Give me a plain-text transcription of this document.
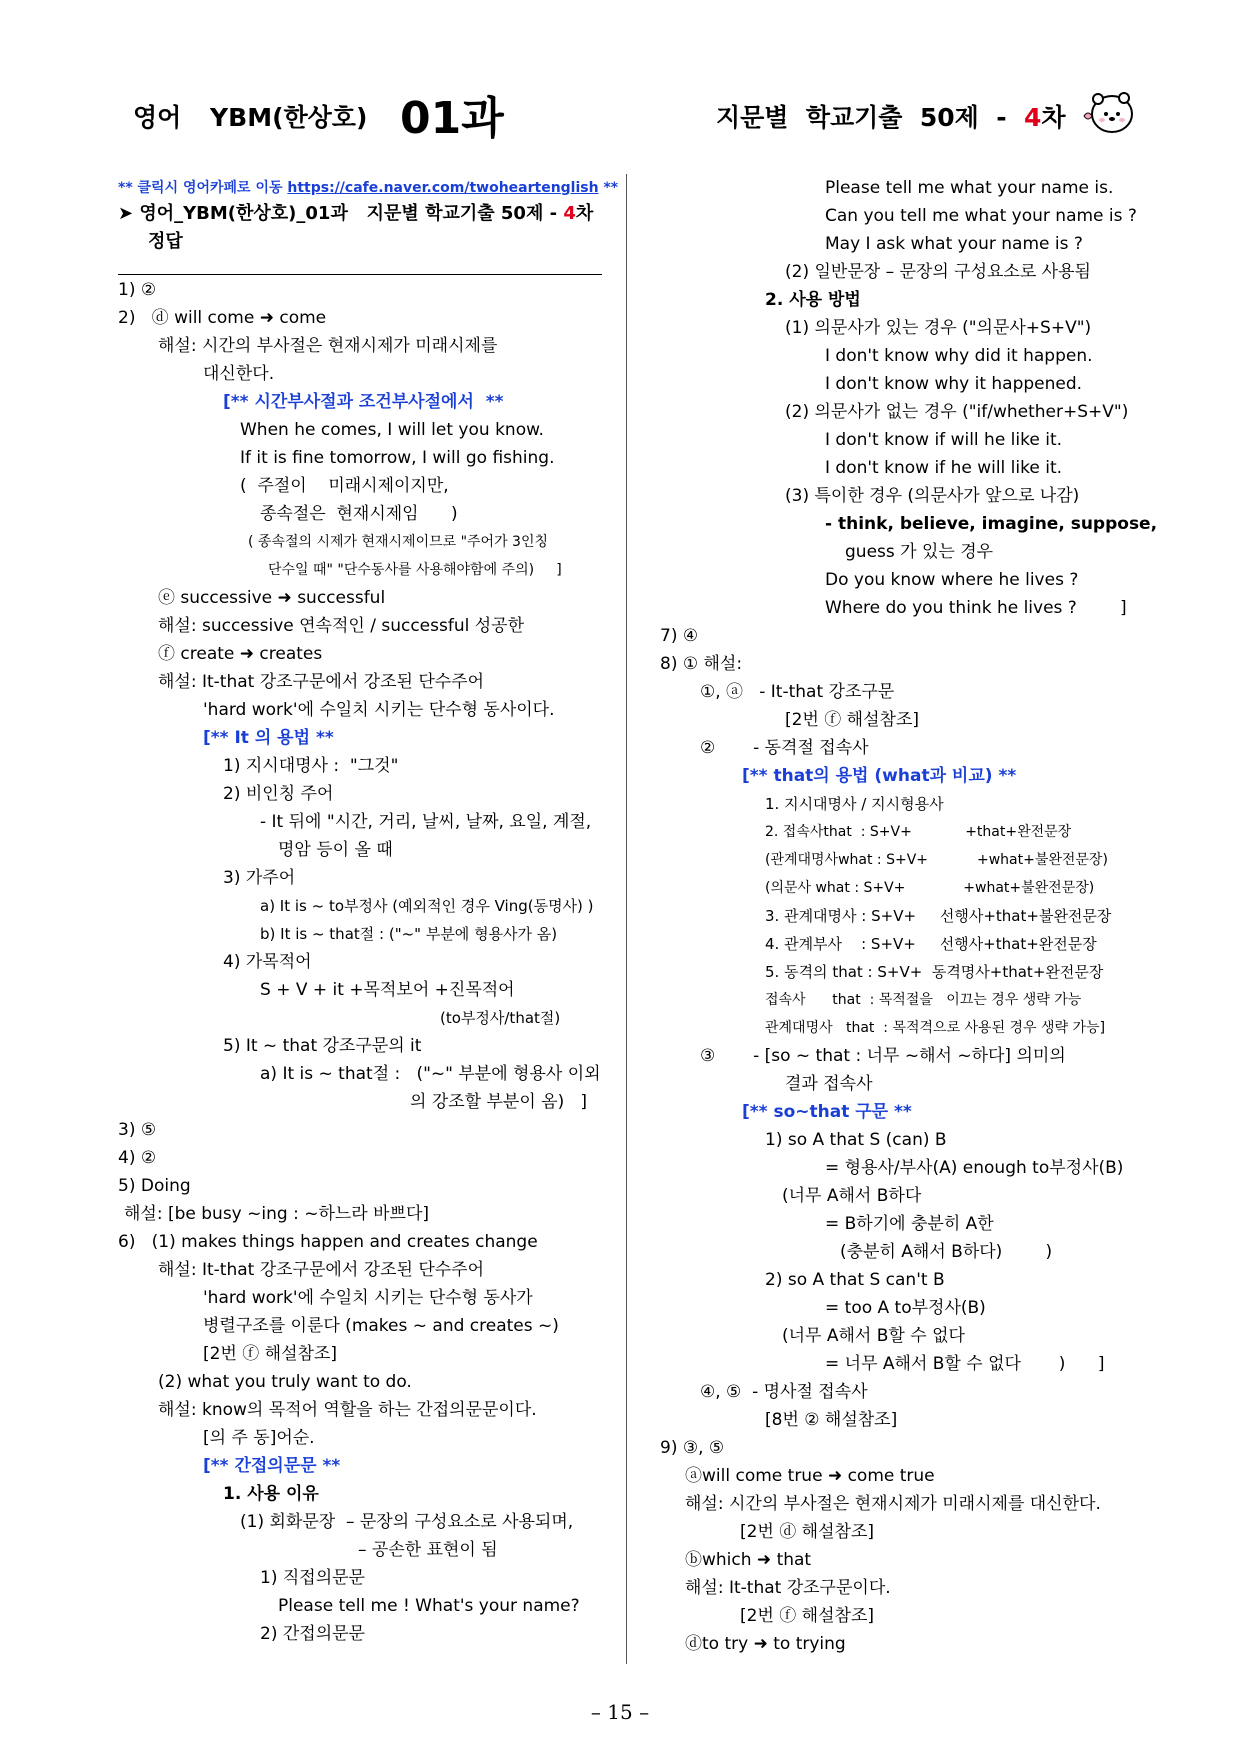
영어 YBM(한상호) 01과	지문별  학교기출  50제  -  4차
** 클릭시 영어카페로 이동 https://cafe.naver.com/twoheartenglish **
➤ 영어_YBM(한상호)_01과   지문별 학교기출 50제 - 4차
정답
1) ②
2)   ⓓ will come ➜ come
해설: 시간의 부사절은 현재시제가 미래시제를
대신한다.
[** 시간부사절과 조건부사절에서  **
When he comes, I will let you know.
If it is fine tomorrow, I will go fishing.
(  주절이    미래시제이지만,
종속절은  현재시제임      )
( 종속절의 시제가 현재시제이므로 "주어가 3인칭
단수일 때" "단수동사를 사용해야함에 주의)     ]
ⓔ successive ➜ successful
해설: successive 연속적인 / successful 성공한
ⓕ create ➜ creates
해설: It-that 강조구문에서 강조된 단수주어
'hard work'에 수일치 시키는 단수형 동사이다.
[** It 의 용법 **
1) 지시대명사 :  "그것"
2) 비인칭 주어
- It 뒤에 "시간, 거리, 날씨, 날짜, 요일, 계절,
명암 등이 올 때
3) 가주어
a) It is ~ to부정사 (예외적인 경우 Ving(동명사) )
b) It is ~ that절 : ("~" 부분에 형용사가 옴)
4) 가목적어
S + V + it +목적보어 +진목적어
(to부정사/that절)
5) It ~ that 강조구문의 it
a) It is ~ that절 :   ("~" 부분에 형용사 이외
의 강조할 부분이 옴)   ]
3) ⑤
4) ②
5) Doing
해설: [be busy ~ing : ~하느라 바쁘다]
6)   (1) makes things happen and creates change
해설: It-that 강조구문에서 강조된 단수주어
'hard work'에 수일치 시키는 단수형 동사가
병렬구조를 이룬다 (makes ~ and creates ~)
[2번 ⓕ 해설참조]
(2) what you truly want to do.
해설: know의 목적어 역할을 하는 간접의문문이다.
[의 주 동]어순.
[** 간접의문문 **
1. 사용 이유
(1) 회화문장  – 문장의 구성요소로 사용되며,
– 공손한 표현이 됨
1) 직접의문문
Please tell me ! What's your name?
2) 간접의문문
Please tell me what your name is.
Can you tell me what your name is ?
May I ask what your name is ?
(2) 일반문장 – 문장의 구성요소로 사용됨
2. 사용 방법
(1) 의문사가 있는 경우 ("의문사+S+V")
I don't know why did it happen.
I don't know why it happened.
(2) 의문사가 없는 경우 ("if/whether+S+V")
I don't know if will he like it.
I don't know if he will like it.
(3) 특이한 경우 (의문사가 앞으로 나감)
- think, believe, imagine, suppose,
guess 가 있는 경우
Do you know where he lives ?
Where do you think he lives ?        ]
7) ④
8) ① 해설:
①, ⓐ   - It-that 강조구문
[2번 ⓕ 해설참조]
②       - 동격절 접속사
[** that의 용법 (what과 비교) **
1. 지시대명사 / 지시형용사
2. 접속사that  : S+V+            +that+완전문장
(관계대명사what : S+V+           +what+불완전문장)
(의문사 what : S+V+             +what+불완전문장)
3. 관계대명사 : S+V+     선행사+that+불완전문장
4. 관계부사    : S+V+     선행사+that+완전문장
5. 동격의 that : S+V+  동격명사+that+완전문장
접속사      that  : 목적절을   이끄는 경우 생략 가능
관계대명사   that  : 목적격으로 사용된 경우 생략 가능]
③       - [so ~ that : 너무 ~해서 ~하다] 의미의
결과 접속사
[** so~that 구문 **
1) so A that S (can) B
= 형용사/부사(A) enough to부정사(B)
(너무 A해서 B하다
= B하기에 충분히 A한
(충분히 A해서 B하다)        )
2) so A that S can't B
= too A to부정사(B)
(너무 A해서 B할 수 없다
= 너무 A해서 B할 수 없다       )      ]
④, ⑤  - 명사절 접속사
[8번 ② 해설참조]
9) ③, ⑤
ⓐwill come true ➜ come true
해설: 시간의 부사절은 현재시제가 미래시제를 대신한다.
[2번 ⓓ 해설참조]
ⓑwhich ➜ that
해설: It-that 강조구문이다.
[2번 ⓕ 해설참조]
ⓓto try ➜ to trying
– 15 –
